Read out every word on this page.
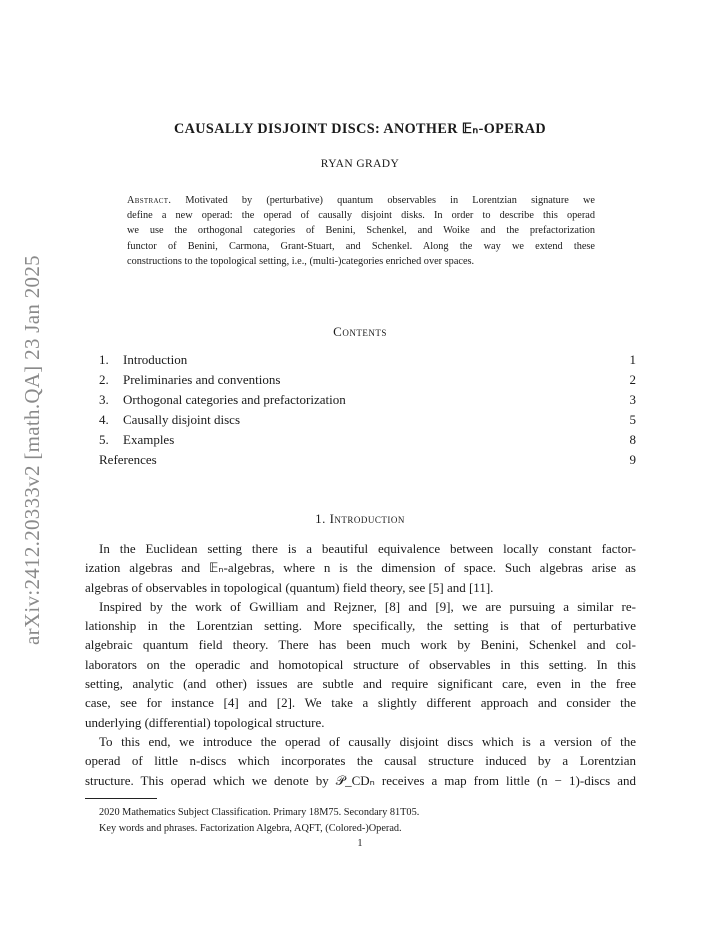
arXiv:2412.20333v2 [math.QA] 23 Jan 2025
CAUSALLY DISJOINT DISCS: ANOTHER 𝔼ₙ-OPERAD
RYAN GRADY
Abstract. Motivated by (perturbative) quantum observables in Lorentzian signature we
define a new operad: the operad of causally disjoint disks. In order to describe this operad
we use the orthogonal categories of Benini, Schenkel, and Woike and the prefactorization
functor of Benini, Carmona, Grant-Stuart, and Schenkel. Along the way we extend these
constructions to the topological setting, i.e., (multi-)categories enriched over spaces.
Contents
1. Introduction	1
2. Preliminaries and conventions	2
3. Orthogonal categories and prefactorization	3
4. Causally disjoint discs	5
5. Examples	8
References	9
1. Introduction
In the Euclidean setting there is a beautiful equivalence between locally constant factor-
ization algebras and 𝔼ₙ-algebras, where n is the dimension of space. Such algebras arise as
algebras of observables in topological (quantum) field theory, see [5] and [11].
Inspired by the work of Gwilliam and Rejzner, [8] and [9], we are pursuing a similar re-
lationship in the Lorentzian setting. More specifically, the setting is that of perturbative
algebraic quantum field theory. There has been much work by Benini, Schenkel and col-
laborators on the operadic and homotopical structure of observables in this setting. In this
setting, analytic (and other) issues are subtle and require significant care, even in the free
case, see for instance [4] and [2]. We take a slightly different approach and consider the
underlying (differential) topological structure.
To this end, we introduce the operad of causally disjoint discs which is a version of the
operad of little n-discs which incorporates the causal structure induced by a Lorentzian
structure. This operad which we denote by 𝒫_CDₙ receives a map from little (n − 1)-discs and
2020 Mathematics Subject Classification. Primary 18M75. Secondary 81T05.
Key words and phrases. Factorization Algebra, AQFT, (Colored-)Operad.
1
